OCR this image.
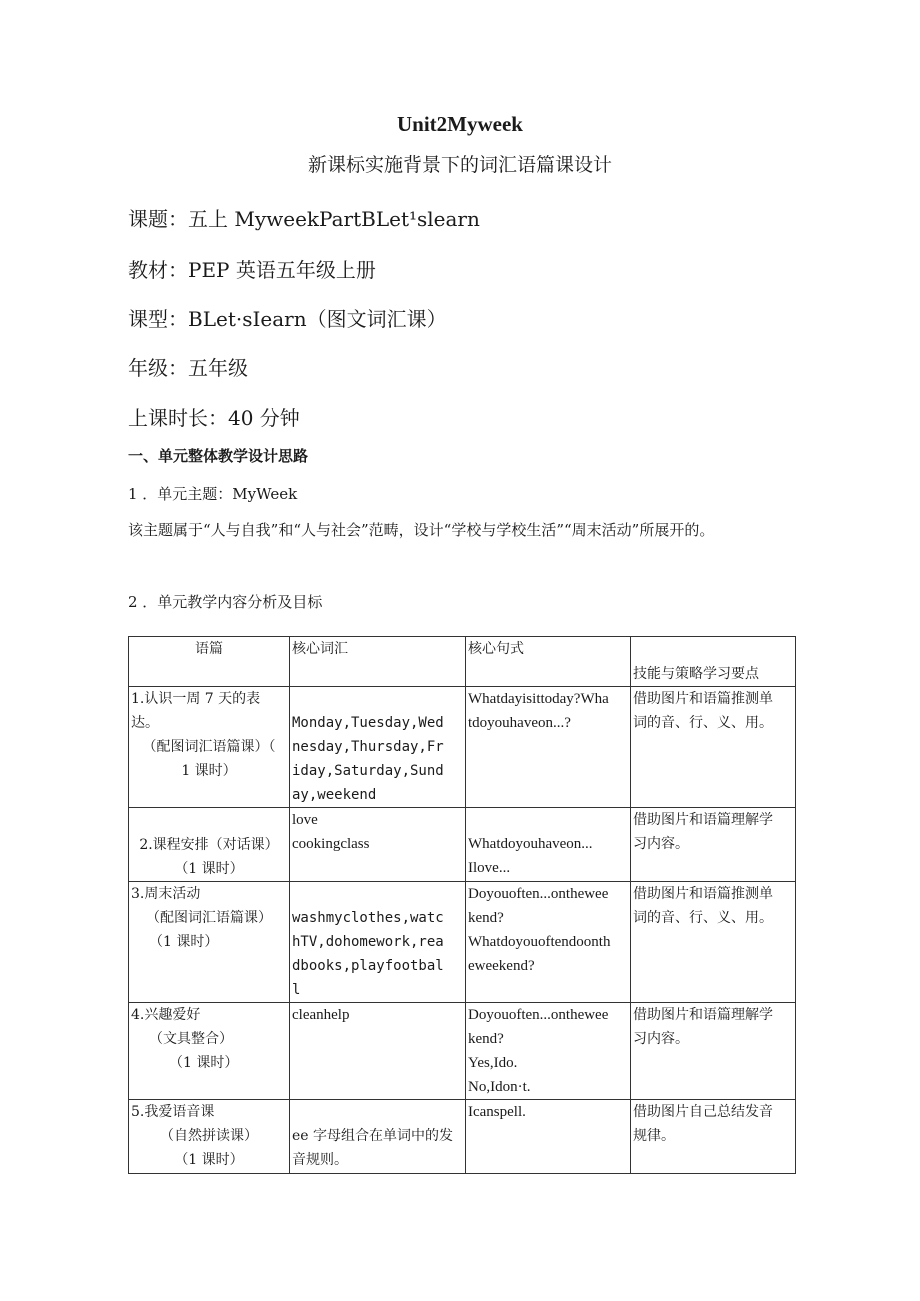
Unit2Myweek
新课标实施背景下的词汇语篇课设计
课题：五上 MyweekPartBLet¹slearn
教材：PEP 英语五年级上册
课型：BLet·sIearn（图文词汇课）
年级：五年级
上课时长：40 分钟
一、单元整体教学设计思路
1 ．单元主题：MyWeek
该主题属于“人与自我”和“人与社会”范畴，设计“学校与学校生活”“周末活动”所展开的。
2 ．单元教学内容分析及目标
语篇	核心词汇	核心句式	技能与策略学习要点

1.认识一周 7 天的表
达。
（配图词汇语篇课）（
1 课时）	Monday,Tuesday,Wed
nesday,Thursday,Fr
iday,Saturday,Sund
ay,weekend	Whatdayisittoday?Wha
tdoyouhaveon...?	借助图片和语篇推测单
词的音、行、义、用。

2.课程安排（对话课）
（1 课时）	love
cookingclass	Whatdoyouhaveon...
Ilove...	借助图片和语篇理解学
习内容。

3.周末活动
（配图词汇语篇课）
（1 课时）	washmyclothes,watc
hTV,dohomework,rea
dbooks,playfootbal
l	Doyouoften...onthewee
kend?
Whatdoyouoftendoonth
eweekend?	借助图片和语篇推测单
词的音、行、义、用。

4.兴趣爱好
（文具整合）
（1 课时）	cleanhelp	Doyouoften...onthewee
kend?
Yes,Ido.
No,Idon·t.	借助图片和语篇理解学
习内容。

5.我爱语音课
（自然拼读课）
（1 课时）	ee 字母组合在单词中的发
音规则。	Icanspell.	借助图片自己总结发音
规律。
